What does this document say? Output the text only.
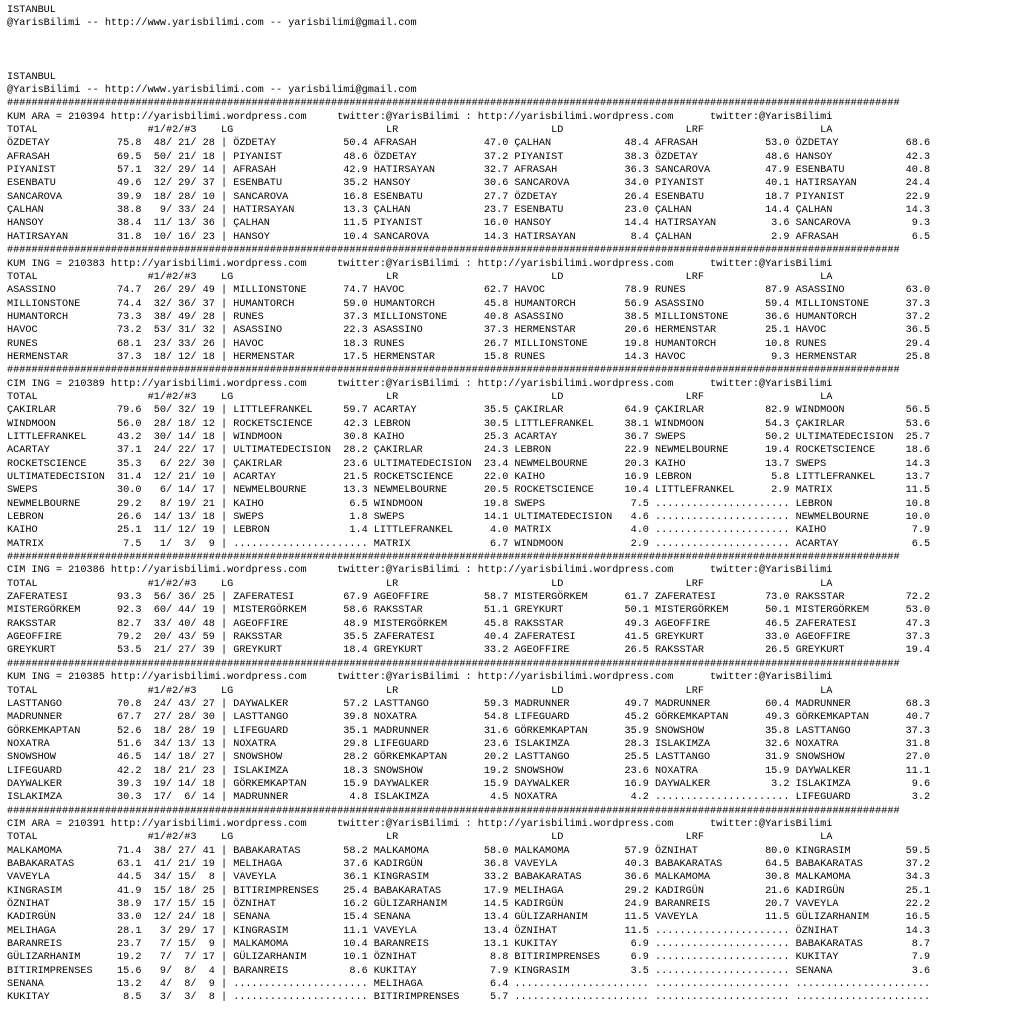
ISTANBUL
@YarisBilimi -- http://www.yarisbilimi.com -- yarisbilimi@gmail.com
ISTANBUL
@YarisBilimi -- http://www.yarisbilimi.com -- yarisbilimi@gmail.com
##################################################################################################################################################
KUM ARA = 210394 http://yarisbilimi.wordpress.com     twitter:@YarisBilimi : http://yarisbilimi.wordpress.com      twitter:@YarisBilimi
TOTAL                  #1/#2/#3    LG                         LR                         LD                    LRF                   LA
ÖZDETAY           75.8  48/ 21/ 28 | ÖZDETAY           50.4 AFRASAH           47.0 ÇALHAN            48.4 AFRASAH           53.0 ÖZDETAY           68.6
AFRASAH           69.5  50/ 21/ 18 | PIYANIST          48.6 ÖZDETAY           37.2 PIYANIST          38.3 ÖZDETAY           48.6 HANSOY            42.3
PIYANIST          57.1  32/ 29/ 14 | AFRASAH           42.9 HATIRSAYAN        32.7 AFRASAH           36.3 SANCAROVA         47.9 ESENBATU          40.8
ESENBATU          49.6  12/ 29/ 37 | ESENBATU          35.2 HANSOY            30.6 SANCAROVA         34.0 PIYANIST          40.1 HATIRSAYAN        24.4
SANCAROVA         39.9  18/ 28/ 10 | SANCAROVA         16.8 ESENBATU          27.7 ÖZDETAY           26.4 ESENBATU          18.7 PIYANIST          22.9
ÇALHAN            38.8   9/ 33/ 24 | HATIRSAYAN        13.3 ÇALHAN            23.7 ESENBATU          23.0 ÇALHAN            14.4 ÇALHAN            14.3
HANSOY            38.4  11/ 13/ 36 | ÇALHAN            11.5 PIYANIST          16.0 HANSOY            14.4 HATIRSAYAN         3.6 SANCAROVA          9.3
HATIRSAYAN        31.8  10/ 16/ 23 | HANSOY            10.4 SANCAROVA         14.3 HATIRSAYAN         8.4 ÇALHAN             2.9 AFRASAH            6.5
##################################################################################################################################################
KUM ING = 210383 http://yarisbilimi.wordpress.com     twitter:@YarisBilimi : http://yarisbilimi.wordpress.com      twitter:@YarisBilimi
TOTAL                  #1/#2/#3    LG                         LR                         LD                    LRF                   LA
ASASSINO          74.7  26/ 29/ 49 | MILLIONSTONE      74.7 HAVOC             62.7 HAVOC             78.9 RUNES             87.9 ASASSINO          63.0
MILLIONSTONE      74.4  32/ 36/ 37 | HUMANTORCH        59.0 HUMANTORCH        45.8 HUMANTORCH        56.9 ASASSINO          59.4 MILLIONSTONE      37.3
HUMANTORCH        73.3  38/ 49/ 28 | RUNES             37.3 MILLIONSTONE      40.8 ASASSINO          38.5 MILLIONSTONE      36.6 HUMANTORCH        37.2
HAVOC             73.2  53/ 31/ 32 | ASASSINO          22.3 ASASSINO          37.3 HERMENSTAR        20.6 HERMENSTAR        25.1 HAVOC             36.5
RUNES             68.1  23/ 33/ 26 | HAVOC             18.3 RUNES             26.7 MILLIONSTONE      19.8 HUMANTORCH        10.8 RUNES             29.4
HERMENSTAR        37.3  18/ 12/ 18 | HERMENSTAR        17.5 HERMENSTAR        15.8 RUNES             14.3 HAVOC              9.3 HERMENSTAR        25.8
##################################################################################################################################################
CIM ING = 210389 http://yarisbilimi.wordpress.com     twitter:@YarisBilimi : http://yarisbilimi.wordpress.com      twitter:@YarisBilimi
TOTAL                  #1/#2/#3    LG                         LR                         LD                    LRF                   LA
ÇAKIRLAR          79.6  50/ 32/ 19 | LITTLEFRANKEL     59.7 ACARTAY           35.5 ÇAKIRLAR          64.9 ÇAKIRLAR          82.9 WINDMOON          56.5
WINDMOON          56.0  28/ 18/ 12 | ROCKETSCIENCE     42.3 LEBRON            30.5 LITTLEFRANKEL     38.1 WINDMOON          54.3 ÇAKIRLAR          53.6
LITTLEFRANKEL     43.2  30/ 14/ 18 | WINDMOON          30.8 KAIHO             25.3 ACARTAY           36.7 SWEPS             50.2 ULTIMATEDECISION  25.7
ACARTAY           37.1  24/ 22/ 17 | ULTIMATEDECISION  28.2 ÇAKIRLAR          24.3 LEBRON            22.9 NEWMELBOURNE      19.4 ROCKETSCIENCE     18.6
ROCKETSCIENCE     35.3   6/ 22/ 30 | ÇAKIRLAR          23.6 ULTIMATEDECISION  23.4 NEWMELBOURNE      20.3 KAIHO             13.7 SWEPS             14.3
ULTIMATEDECISION  31.4  12/ 21/ 10 | ACARTAY           21.5 ROCKETSCIENCE     22.0 KAIHO             16.9 LEBRON             5.8 LITTLEFRANKEL     13.7
SWEPS             30.0   6/ 14/ 17 | NEWMELBOURNE      13.3 NEWMELBOURNE      20.5 ROCKETSCIENCE     10.4 LITTLEFRANKEL      2.9 MATRIX            11.5
NEWMELBOURNE      29.2   8/ 19/ 21 | KAIHO              6.5 WINDMOON          19.8 SWEPS              7.5 ...................... LEBRON            10.8
LEBRON            26.6  14/ 13/ 18 | SWEPS              1.8 SWEPS             14.1 ULTIMATEDECISION   4.6 ...................... NEWMELBOURNE      10.0
KAIHO             25.1  11/ 12/ 19 | LEBRON             1.4 LITTLEFRANKEL      4.0 MATRIX             4.0 ...................... KAIHO              7.9
MATRIX             7.5   1/  3/  9 | ...................... MATRIX             6.7 WINDMOON           2.9 ...................... ACARTAY            6.5
##################################################################################################################################################
CIM ING = 210386 http://yarisbilimi.wordpress.com     twitter:@YarisBilimi : http://yarisbilimi.wordpress.com      twitter:@YarisBilimi
TOTAL                  #1/#2/#3    LG                         LR                         LD                    LRF                   LA
ZAFERATESI        93.3  56/ 36/ 25 | ZAFERATESI        67.9 AGEOFFIRE         58.7 MISTERGÖRKEM      61.7 ZAFERATESI        73.0 RAKSSTAR          72.2
MISTERGÖRKEM      92.3  60/ 44/ 19 | MISTERGÖRKEM      58.6 RAKSSTAR          51.1 GREYKURT          50.1 MISTERGÖRKEM      50.1 MISTERGÖRKEM      53.0
RAKSSTAR          82.7  33/ 40/ 48 | AGEOFFIRE         48.9 MISTERGÖRKEM      45.8 RAKSSTAR          49.3 AGEOFFIRE         46.5 ZAFERATESI        47.3
AGEOFFIRE         79.2  20/ 43/ 59 | RAKSSTAR          35.5 ZAFERATESI        40.4 ZAFERATESI        41.5 GREYKURT          33.0 AGEOFFIRE         37.3
GREYKURT          53.5  21/ 27/ 39 | GREYKURT          18.4 GREYKURT          33.2 AGEOFFIRE         26.5 RAKSSTAR          26.5 GREYKURT          19.4
##################################################################################################################################################
KUM ING = 210385 http://yarisbilimi.wordpress.com     twitter:@YarisBilimi : http://yarisbilimi.wordpress.com      twitter:@YarisBilimi
TOTAL                  #1/#2/#3    LG                         LR                         LD                    LRF                   LA
LASTTANGO         70.8  24/ 43/ 27 | DAYWALKER         57.2 LASTTANGO         59.3 MADRUNNER         49.7 MADRUNNER         60.4 MADRUNNER         68.3
MADRUNNER         67.7  27/ 28/ 30 | LASTTANGO         39.8 NOXATRA           54.8 LIFEGUARD         45.2 GÖRKEMKAPTAN      49.3 GÖRKEMKAPTAN      40.7
GÖRKEMKAPTAN      52.6  18/ 28/ 19 | LIFEGUARD         35.1 MADRUNNER         31.6 GÖRKEMKAPTAN      35.9 SNOWSHOW          35.8 LASTTANGO         37.3
NOXATRA           51.6  34/ 13/ 13 | NOXATRA           29.8 LIFEGUARD         23.6 ISLAKIMZA         28.3 ISLAKIMZA         32.6 NOXATRA           31.8
SNOWSHOW          46.5  14/ 18/ 27 | SNOWSHOW          28.2 GÖRKEMKAPTAN      20.2 LASTTANGO         25.5 LASTTANGO         31.9 SNOWSHOW          27.0
LIFEGUARD         42.2  18/ 21/ 23 | ISLAKIMZA         18.3 SNOWSHOW          19.2 SNOWSHOW          23.6 NOXATRA           15.9 DAYWALKER         11.1
DAYWALKER         39.3  19/ 14/ 18 | GÖRKEMKAPTAN      15.9 DAYWALKER         15.9 DAYWALKER         16.9 DAYWALKER          3.2 ISLAKIMZA          9.6
ISLAKIMZA         30.3  17/  6/ 14 | MADRUNNER          4.8 ISLAKIMZA          4.5 NOXATRA            4.2 ...................... LIFEGUARD          3.2
##################################################################################################################################################
CIM ARA = 210391 http://yarisbilimi.wordpress.com     twitter:@YarisBilimi : http://yarisbilimi.wordpress.com      twitter:@YarisBilimi
TOTAL                  #1/#2/#3    LG                         LR                         LD                    LRF                   LA
MALKAMOMA         71.4  38/ 27/ 41 | BABAKARATAS       58.2 MALKAMOMA         58.0 MALKAMOMA         57.9 ÖZNIHAT           80.0 KINGRASIM         59.5
BABAKARATAS       63.1  41/ 21/ 19 | MELIHAGA          37.6 KADIRGÜN          36.8 VAVEYLA           40.3 BABAKARATAS       64.5 BABAKARATAS       37.2
VAVEYLA           44.5  34/ 15/  8 | VAVEYLA           36.1 KINGRASIM         33.2 BABAKARATAS       36.6 MALKAMOMA         30.8 MALKAMOMA         34.3
KINGRASIM         41.9  15/ 18/ 25 | BITIRIMPRENSES    25.4 BABAKARATAS       17.9 MELIHAGA          29.2 KADIRGÜN          21.6 KADIRGÜN          25.1
ÖZNIHAT           38.9  17/ 15/ 15 | ÖZNIHAT           16.2 GÜLIZARHANIM      14.5 KADIRGÜN          24.9 BARANREIS         20.7 VAVEYLA           22.2
KADIRGÜN          33.0  12/ 24/ 18 | SENANA            15.4 SENANA            13.4 GÜLIZARHANIM      11.5 VAVEYLA           11.5 GÜLIZARHANIM      16.5
MELIHAGA          28.1   3/ 29/ 17 | KINGRASIM         11.1 VAVEYLA           13.4 ÖZNIHAT           11.5 ...................... ÖZNIHAT           14.3
BARANREIS         23.7   7/ 15/  9 | MALKAMOMA         10.4 BARANREIS         13.1 KUKITAY            6.9 ...................... BABAKARATAS        8.7
GÜLIZARHANIM      19.2   7/  7/ 17 | GÜLIZARHANIM      10.1 ÖZNIHAT            8.8 BITIRIMPRENSES     6.9 ...................... KUKITAY            7.9
BITIRIMPRENSES    15.6   9/  8/  4 | BARANREIS          8.6 KUKITAY            7.9 KINGRASIM          3.5 ...................... SENANA             3.6
SENANA            13.2   4/  8/  9 | ...................... MELIHAGA           6.4 ...................... ...................... ......................
KUKITAY            8.5   3/  3/  8 | ...................... BITIRIMPRENSES     5.7 ...................... ...................... ......................
